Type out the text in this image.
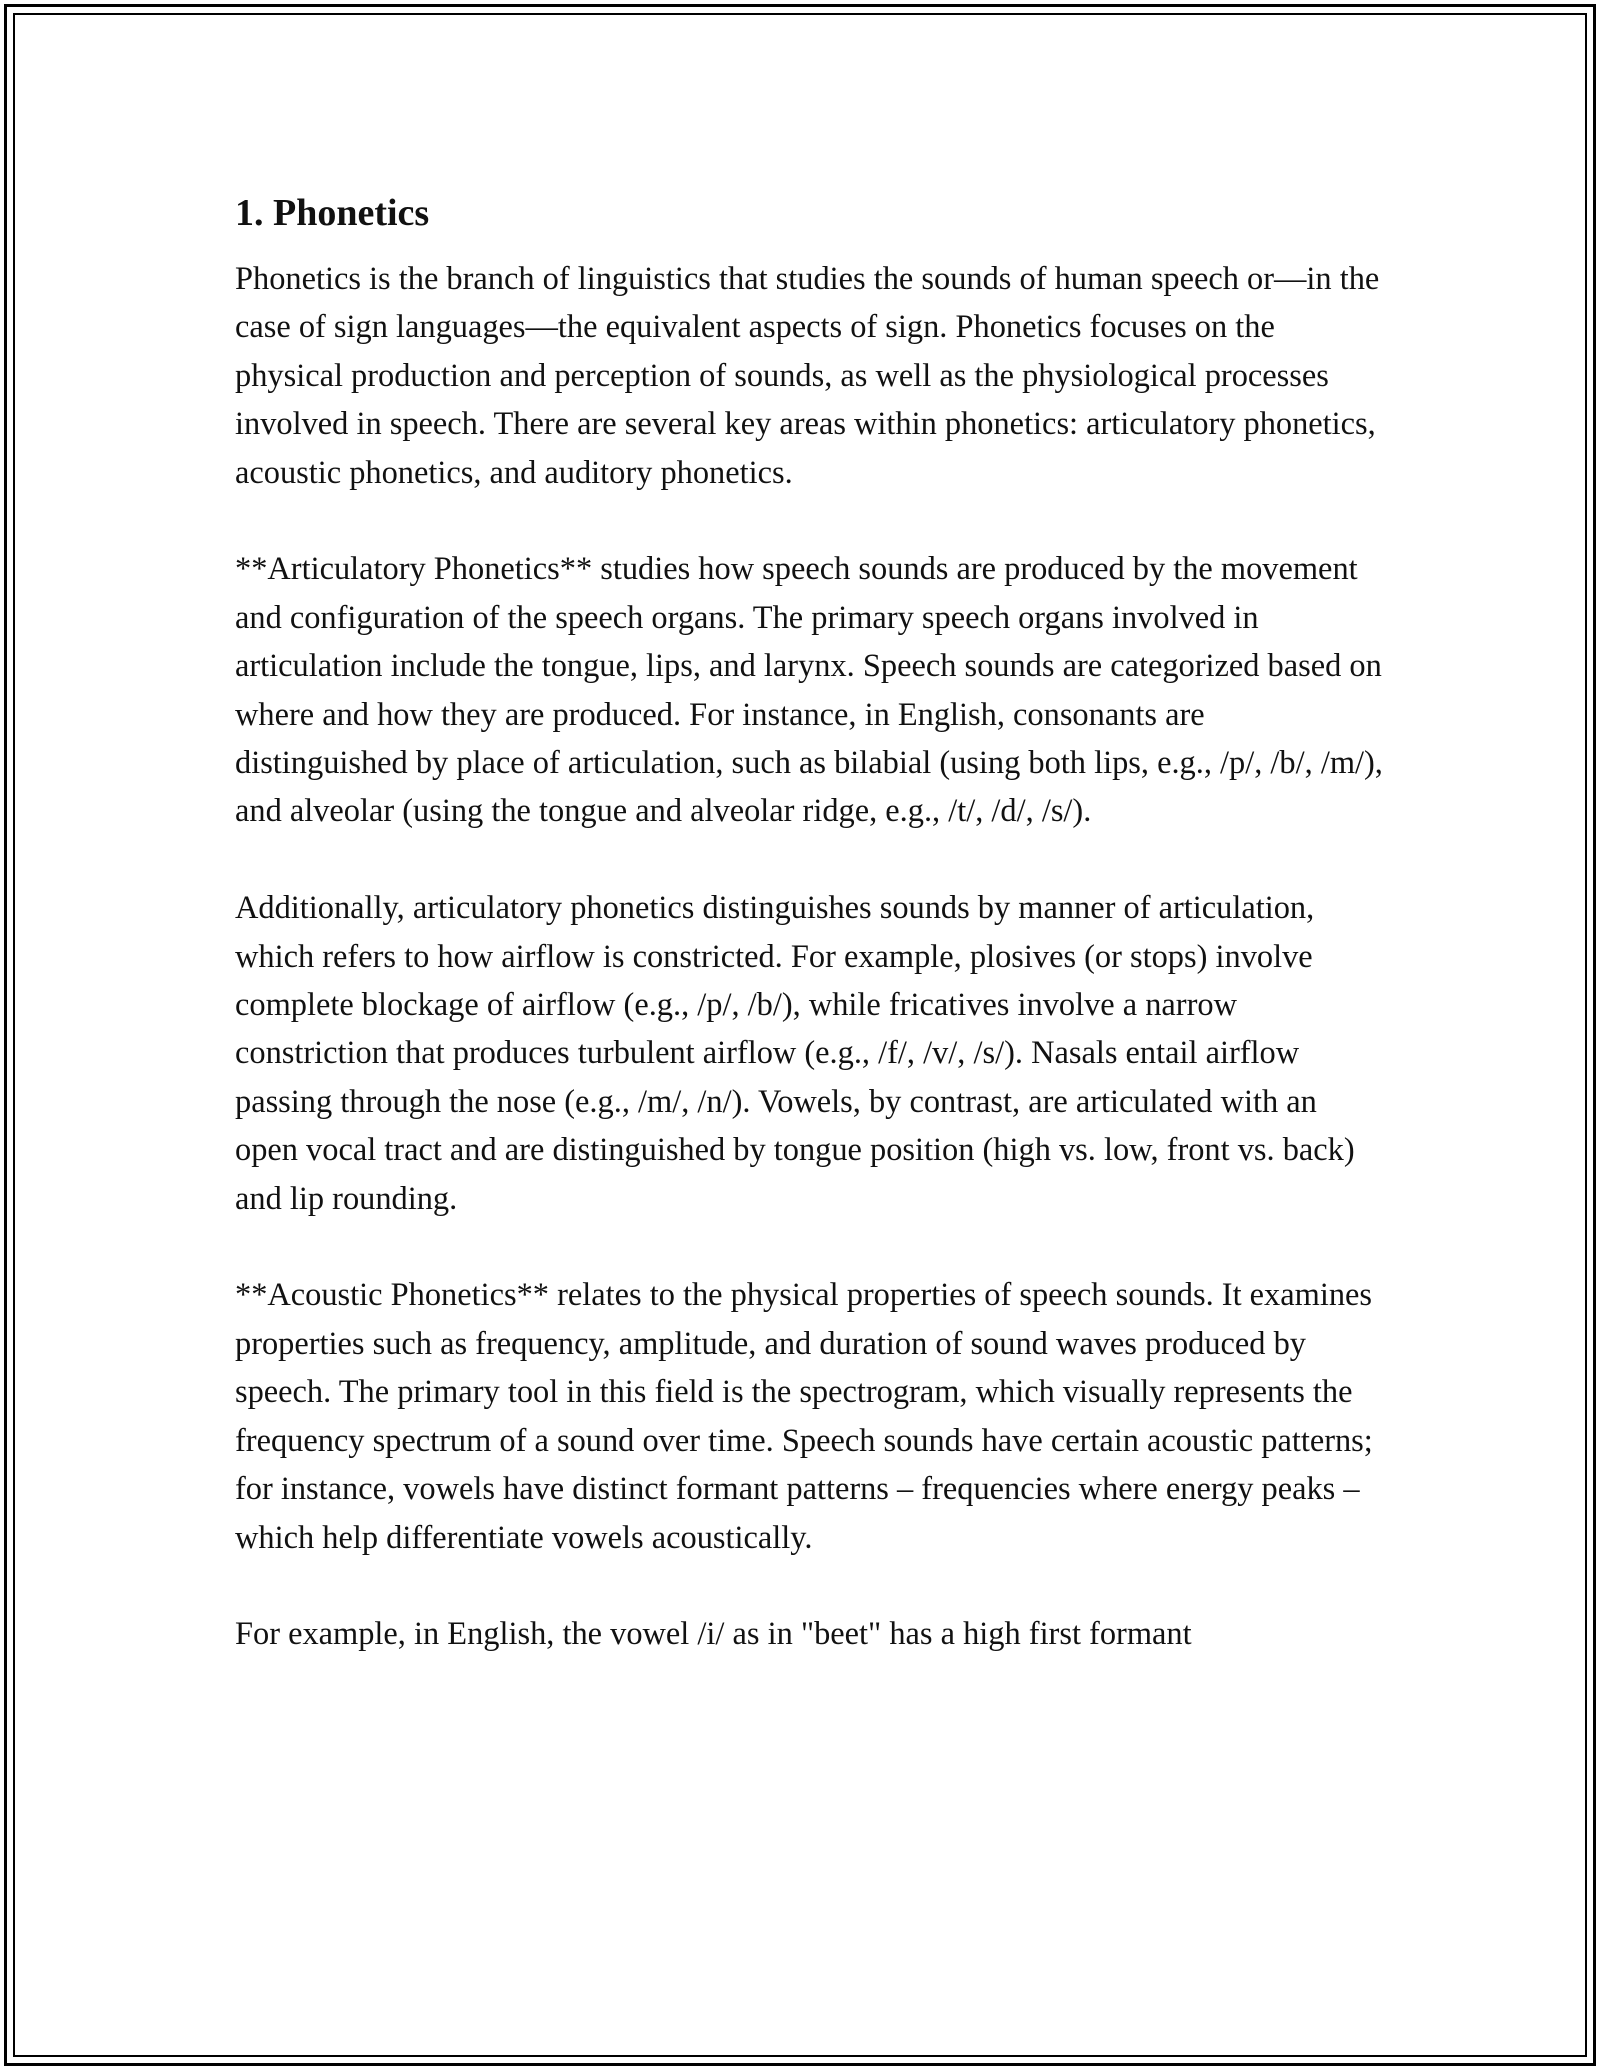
1. Phonetics

Phonetics is the branch of linguistics that studies the sounds of human speech or—in the case of sign languages—the equivalent aspects of sign. Phonetics focuses on the physical production and perception of sounds, as well as the physiological processes involved in speech. There are several key areas within phonetics: articulatory phonetics, acoustic phonetics, and auditory phonetics.

**Articulatory Phonetics** studies how speech sounds are produced by the movement and configuration of the speech organs. The primary speech organs involved in articulation include the tongue, lips, and larynx. Speech sounds are categorized based on where and how they are produced. For instance, in English, consonants are distinguished by place of articulation, such as bilabial (using both lips, e.g., /p/, /b/, /m/), and alveolar (using the tongue and alveolar ridge, e.g., /t/, /d/, /s/).

Additionally, articulatory phonetics distinguishes sounds by manner of articulation, which refers to how airflow is constricted. For example, plosives (or stops) involve complete blockage of airflow (e.g., /p/, /b/), while fricatives involve a narrow constriction that produces turbulent airflow (e.g., /f/, /v/, /s/). Nasals entail airflow passing through the nose (e.g., /m/, /n/). Vowels, by contrast, are articulated with an open vocal tract and are distinguished by tongue position (high vs. low, front vs. back) and lip rounding.

**Acoustic Phonetics** relates to the physical properties of speech sounds. It examines properties such as frequency, amplitude, and duration of sound waves produced by speech. The primary tool in this field is the spectrogram, which visually represents the frequency spectrum of a sound over time. Speech sounds have certain acoustic patterns; for instance, vowels have distinct formant patterns – frequencies where energy peaks – which help differentiate vowels acoustically.

For example, in English, the vowel /i/ as in "beet" has a high first formant
